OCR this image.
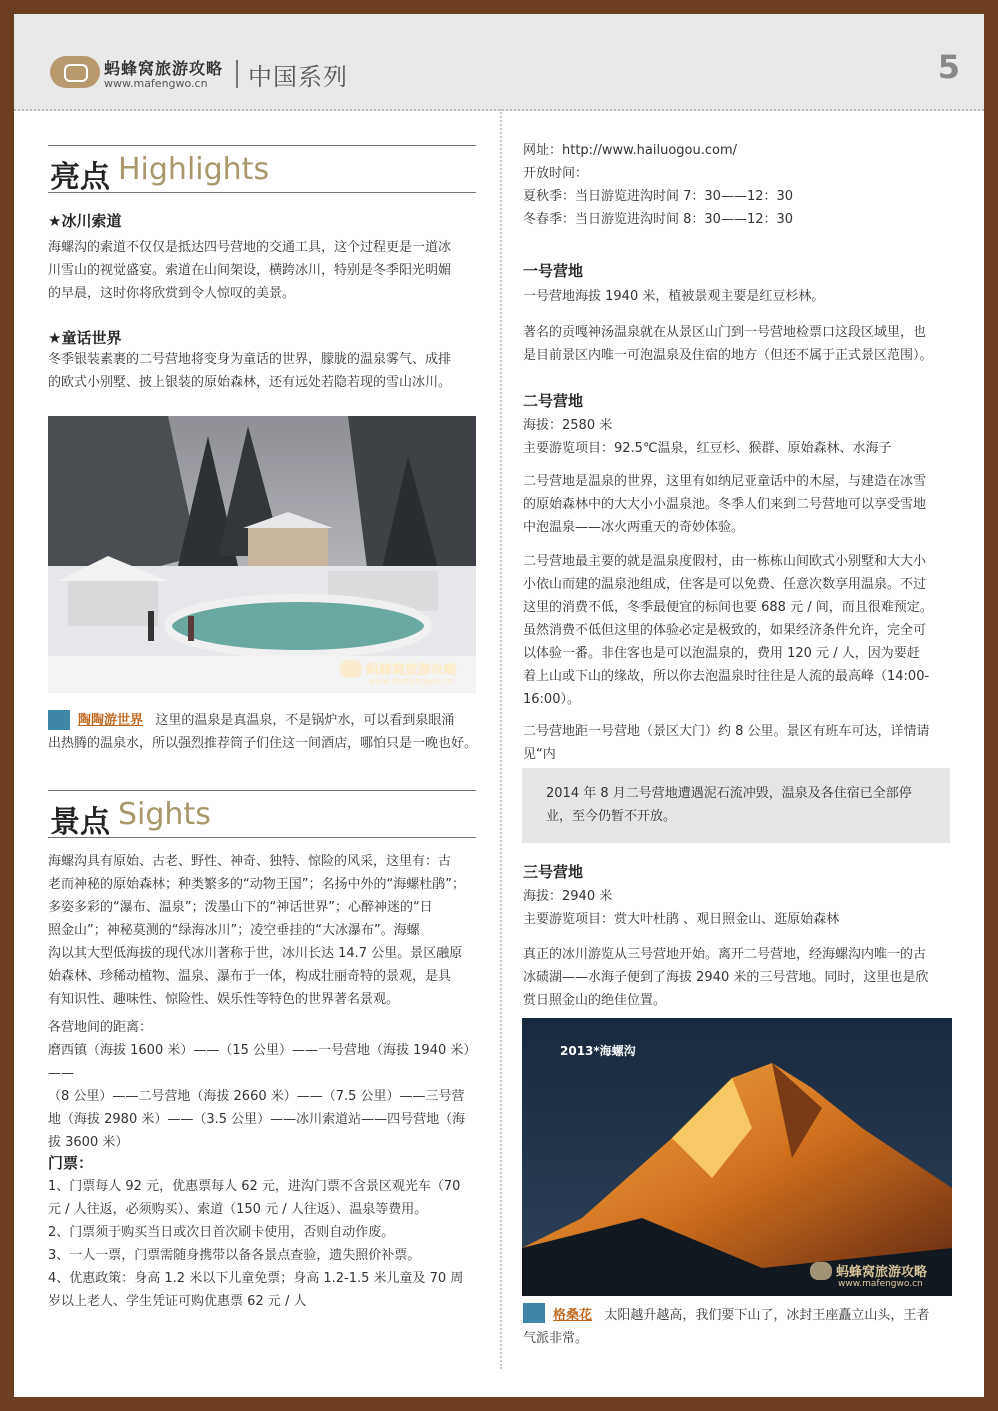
蚂蜂窝旅游攻略
www.mafengwo.cn 中国系列	5
亮点 Highlights
★冰川索道
海螺沟的索道不仅仅是抵达四号营地的交通工具，这个过程更是一道冰
川雪山的视觉盛宴。索道在山间架设，横跨冰川，特别是冬季阳光明媚
的早晨，这时你将欣赏到令人惊叹的美景。
★童话世界
冬季银装素裹的二号营地将变身为童话的世界，朦胧的温泉雾气、成排
的欧式小别墅、披上银装的原始森林，还有远处若隐若现的雪山冰川。
蚂蜂窝旅游攻略
www.mafengwo.cn
陶陶游世界 这里的温泉是真温泉，不是锅炉水，可以看到泉眼涌
出热腾的温泉水，所以强烈推荐筒子们住这一间酒店，哪怕只是一晚也好。
景点 Sights
海螺沟具有原始、古老、野性、神奇、独特、惊险的风采，这里有：古
老而神秘的原始森林；种类繁多的“动物王国”；名扬中外的“海螺杜鹃”；
多姿多彩的“瀑布、温泉”；泼墨山下的“神话世界”；心醉神迷的“日
照金山”；神秘莫测的“绿海冰川”；凌空垂挂的“大冰瀑布”。海螺
沟以其大型低海拔的现代冰川著称于世，冰川长达 14.7 公里。景区融原
始森林、珍稀动植物、温泉、瀑布于一体，构成壮丽奇特的景观，是具
有知识性、趣味性、惊险性、娱乐性等特色的世界著名景观。
各营地间的距离：
磨西镇（海拔 1600 米）——（15 公里）——一号营地（海拔 1940 米）——
（8 公里）——二号营地（海拔 2660 米）——（7.5 公里）——三号营
地（海拔 2980 米）——（3.5 公里）——冰川索道站——四号营地（海
拔 3600 米）
门票：
1、门票每人 92 元，优惠票每人 62 元，进沟门票不含景区观光车（70
元 / 人往返，必须购买）、索道（150 元 / 人往返）、温泉等费用。
2、门票须于购买当日或次日首次刷卡使用，否则自动作废。
3、一人一票，门票需随身携带以备各景点查验，遗失照价补票。
4、优惠政策：身高 1.2 米以下儿童免票；身高 1.2-1.5 米儿童及 70 周
岁以上老人、学生凭证可购优惠票 62 元 / 人
网址：http://www.hailuogou.com/
开放时间：
夏秋季：当日游览进沟时间 7：30——12：30
冬春季：当日游览进沟时间 8：30——12：30
一号营地
一号营地海拔 1940 米，植被景观主要是红豆杉林。
著名的贡嘎神汤温泉就在从景区山门到一号营地检票口这段区域里，也
是目前景区内唯一可泡温泉及住宿的地方（但还不属于正式景区范围）。
二号营地
海拔：2580 米
主要游览项目：92.5℃温泉，红豆杉、猴群、原始森林、水海子
二号营地是温泉的世界，这里有如纳尼亚童话中的木屋，与建造在冰雪
的原始森林中的大大小小温泉池。冬季人们来到二号营地可以享受雪地
中泡温泉——冰火两重天的奇妙体验。
二号营地最主要的就是温泉度假村，由一栋栋山间欧式小别墅和大大小
小依山而建的温泉池组成，住客是可以免费、任意次数享用温泉。不过
这里的消费不低，冬季最便宜的标间也要 688 元 / 间，而且很难预定。
虽然消费不低但这里的体验必定是极致的，如果经济条件允许，完全可
以体验一番。非住客也是可以泡温泉的，费用 120 元 / 人，因为要赶
着上山或下山的缘故，所以你去泡温泉时往往是人流的最高峰（14:00-
16:00）。
二号营地距一号营地（景区大门）约 8 公里。景区有班车可达，详情请见“内
2014 年 8 月二号营地遭遇泥石流冲毁，温泉及各住宿已全部停
业，至今仍暂不开放。
三号营地
海拔：2940 米
主要游览项目：赏大叶杜鹃 、观日照金山、逛原始森林
真正的冰川游览从三号营地开始。离开二号营地，经海螺沟内唯一的古
冰碛湖——水海子便到了海拔 2940 米的三号营地。同时，这里也是欣
赏日照金山的绝佳位置。
2013*海螺沟
蚂蜂窝旅游攻略
www.mafengwo.cn
格桑花 太阳越升越高，我们要下山了，冰封王座矗立山头，王者
气派非常。
